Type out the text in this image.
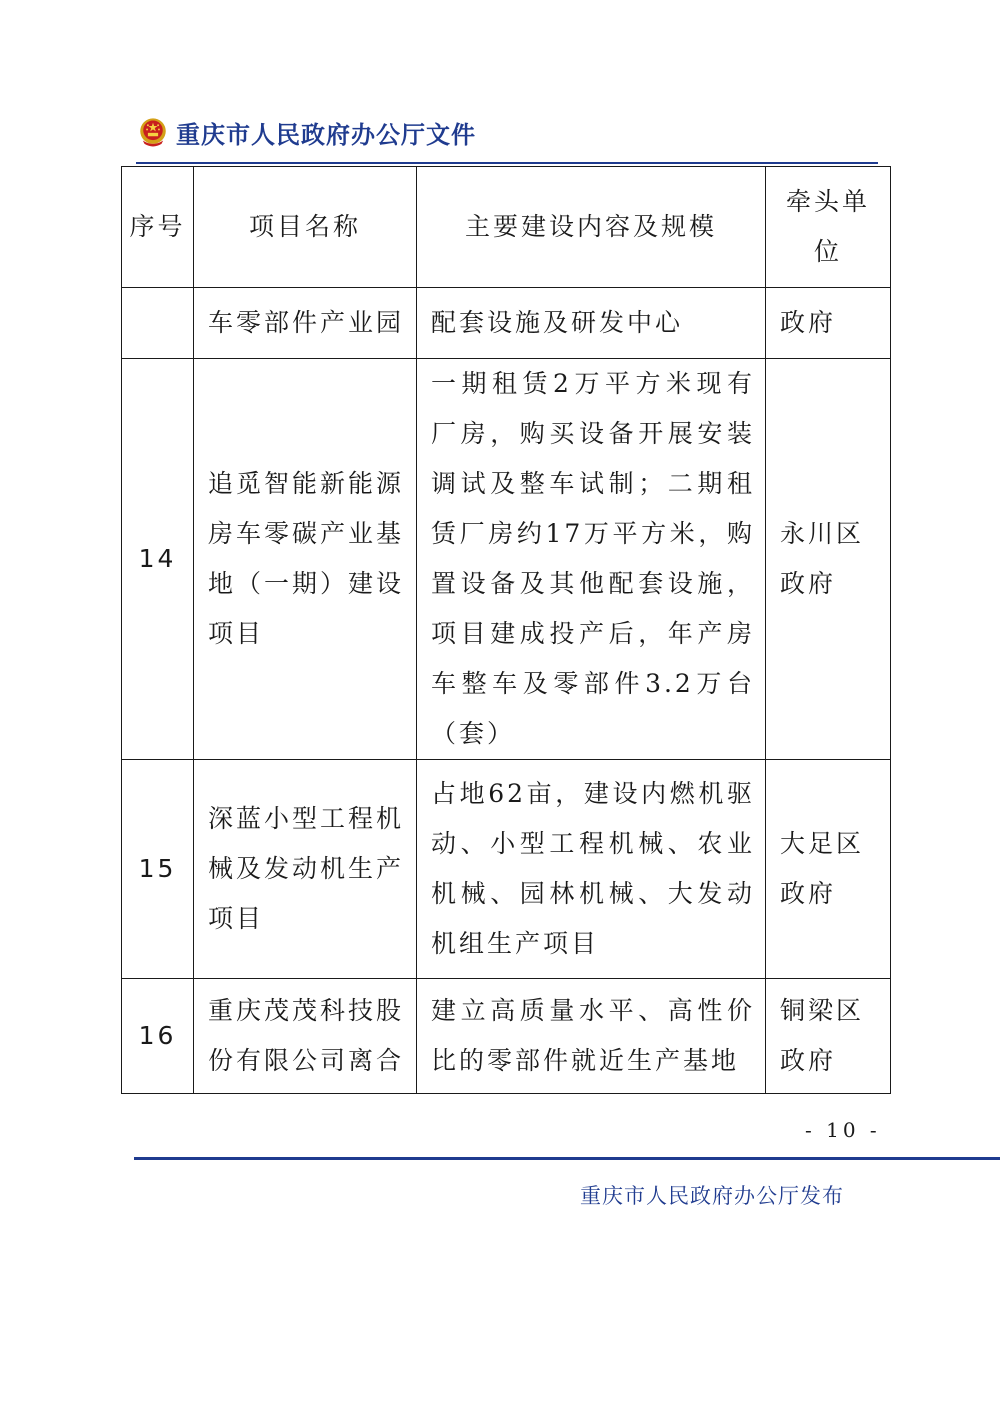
重庆市人民政府办公厅文件
序号	项目名称	主要建设内容及规模	牵头单位
	车零部件产业园	配套设施及研发中心	政府
14	追觅智能新能源房车零碳产业基地（一期）建设项目	一期租赁2万平方米现有厂房，购买设备开展安装调试及整车试制；二期租赁厂房约17万平方米，购置设备及其他配套设施，项目建成投产后，年产房车整车及零部件3.2万台（套）	永川区政府
15	深蓝小型工程机械及发动机生产项目	占地62亩，建设内燃机驱动、小型工程机械、农业机械、园林机械、大发动机组生产项目	大足区政府
16	重庆茂茂科技股份有限公司离合	建立高质量水平、高性价比的零部件就近生产基地	铜梁区政府
- 10 -
重庆市人民政府办公厅发布
